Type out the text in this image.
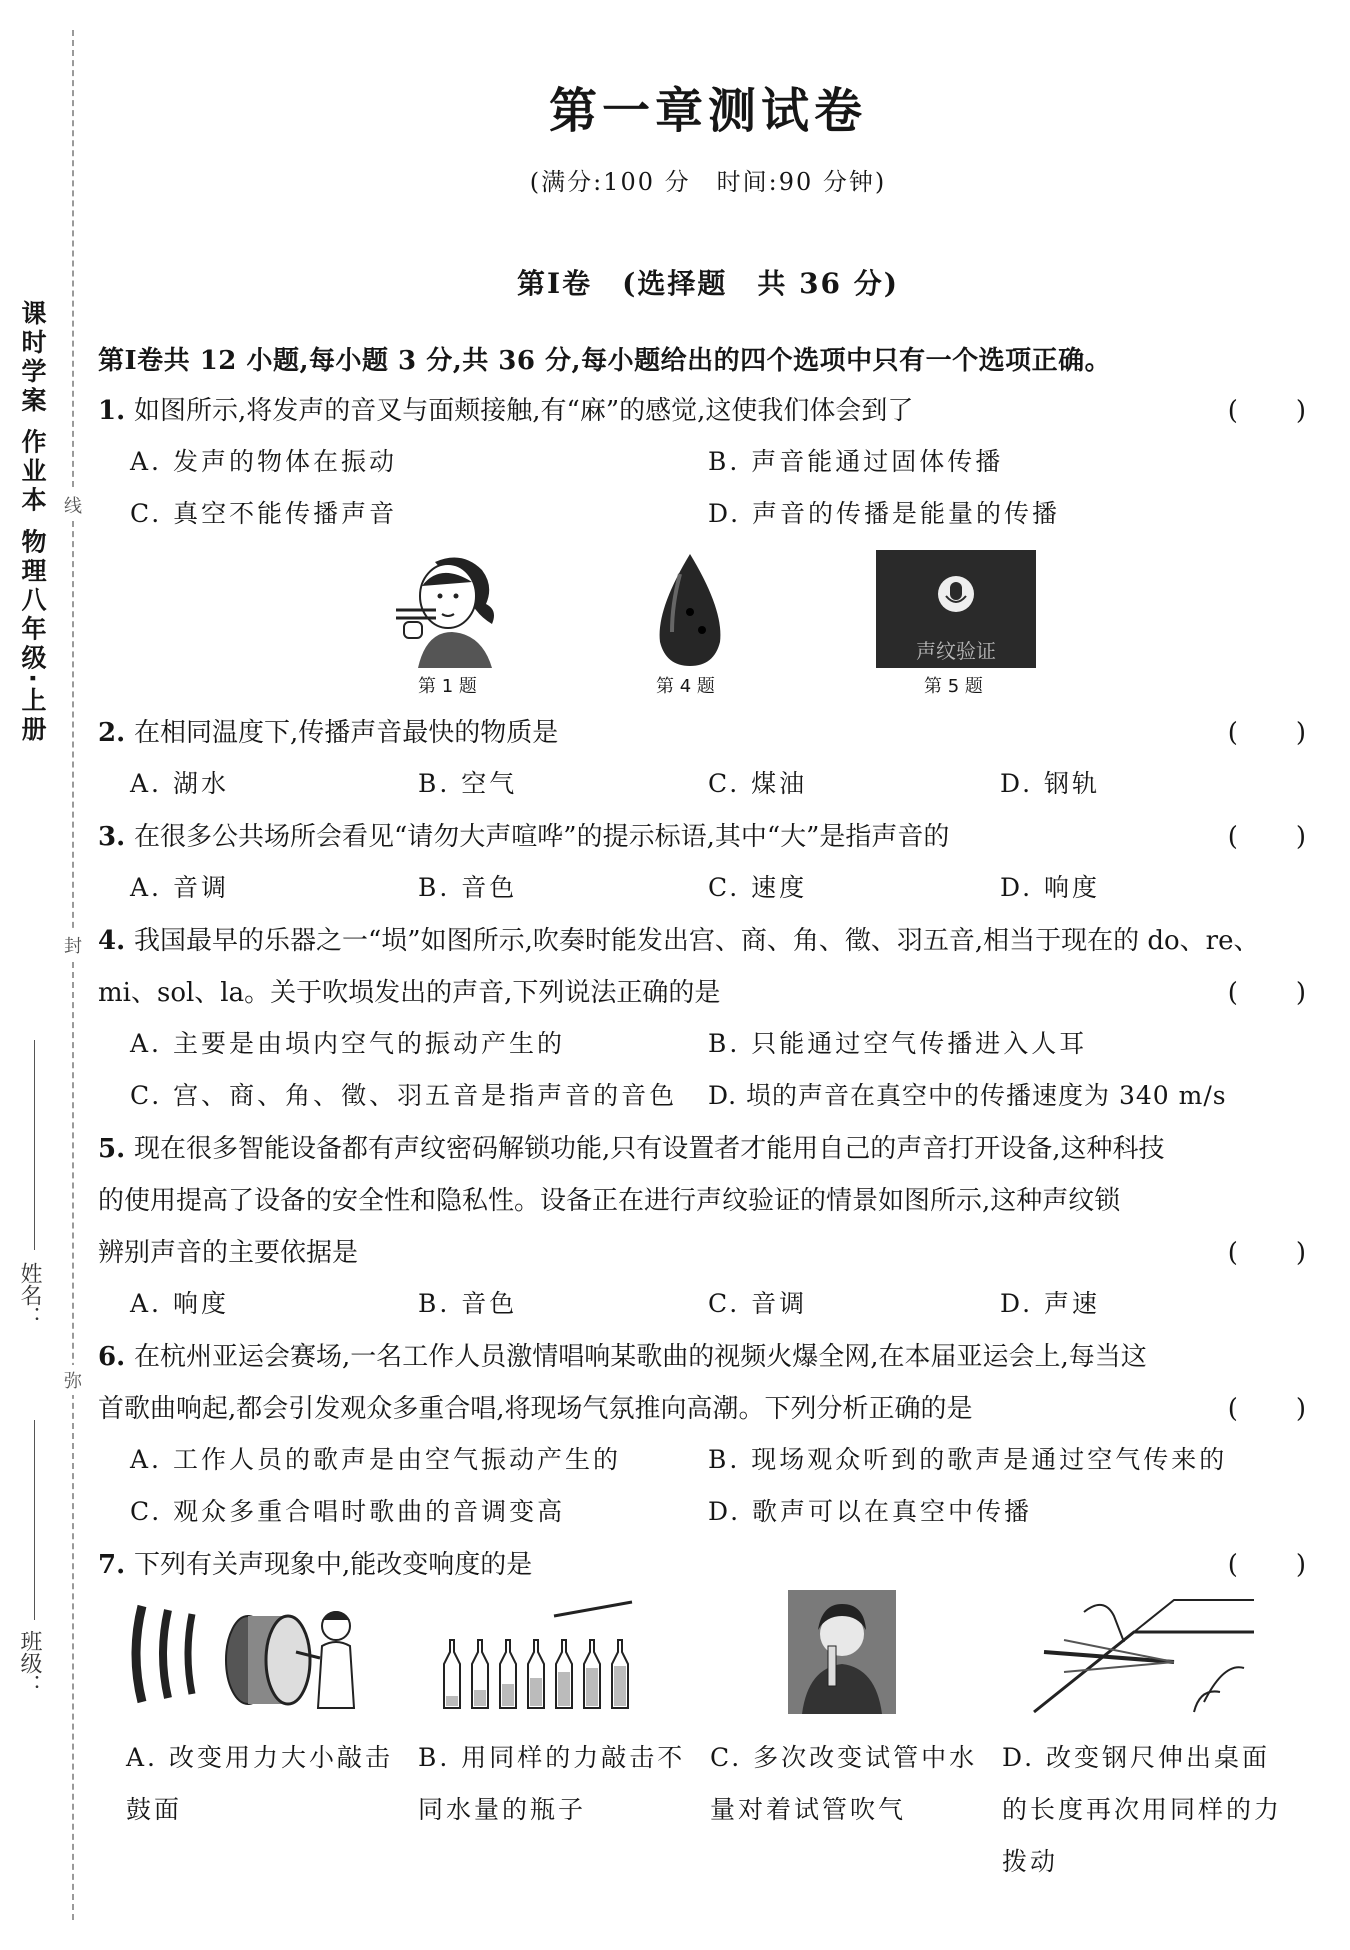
课时学案 作业本 物理八年级·上册 线
封
弥
姓名：
班级：
第一章测试卷
(满分:100 分　时间:90 分钟)
第Ⅰ卷　(选择题　共 36 分)
第Ⅰ卷共 12 小题,每小题 3 分,共 36 分,每小题给出的四个选项中只有一个选项正确。
1. 如图所示,将发声的音叉与面颊接触,有“麻”的感觉,这使我们体会到了	(　　)
A. 发声的物体在振动	B. 声音能通过固体传播
C. 真空不能传播声音	D. 声音的传播是能量的传播
声纹验证
第 1 题	第 4 题	第 5 题
2. 在相同温度下,传播声音最快的物质是	(　　)
A. 湖水	B. 空气	C. 煤油	D. 钢轨
3. 在很多公共场所会看见“请勿大声喧哗”的提示标语,其中“大”是指声音的	(　　)
A. 音调	B. 音色	C. 速度	D. 响度
4. 我国最早的乐器之一“埙”如图所示,吹奏时能发出宫、商、角、徵、羽五音,相当于现在的 do、re、
mi、sol、la。关于吹埙发出的声音,下列说法正确的是	(　　)
A. 主要是由埙内空气的振动产生的	B. 只能通过空气传播进入人耳
C. 宫、商、角、徵、羽五音是指声音的音色 D. 埙的声音在真空中的传播速度为 340 m/s
5. 现在很多智能设备都有声纹密码解锁功能,只有设置者才能用自己的声音打开设备,这种科技
的使用提高了设备的安全性和隐私性。设备正在进行声纹验证的情景如图所示,这种声纹锁
辨别声音的主要依据是	(　　)
A. 响度	B. 音色	C. 音调	D. 声速
6. 在杭州亚运会赛场,一名工作人员激情唱响某歌曲的视频火爆全网,在本届亚运会上,每当这
首歌曲响起,都会引发观众多重合唱,将现场气氛推向高潮。下列分析正确的是	(　　)
A. 工作人员的歌声是由空气振动产生的	B. 现场观众听到的歌声是通过空气传来的
C. 观众多重合唱时歌曲的音调变高	D. 歌声可以在真空中传播
7. 下列有关声现象中,能改变响度的是	(　　)
A. 改变用力大小敲击鼓面
B. 用同样的力敲击不同水量的瓶子
C. 多次改变试管中水量对着试管吹气
D. 改变钢尺伸出桌面的长度再次用同样的力拨动
